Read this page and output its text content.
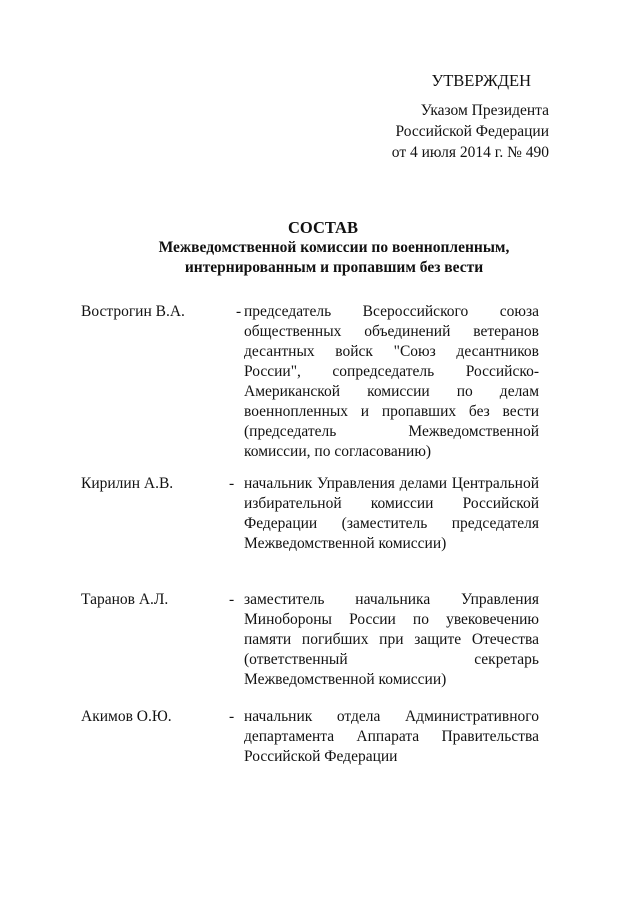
УТВЕРЖДЕН
Указом Президента
Российской Федерации
от 4 июля 2014 г. № 490
СОСТАВ
Межведомственной комиссии по военнопленным,
интернированным и пропавшим без вести
Вострогин В.А.	- председатель Всероссийского союза общественных объединений ветеранов десантных войск "Союз десантников России", сопредседатель Российско-Американской комиссии по делам военнопленных и пропавших без вести (председатель Межведомственной комиссии, по согласованию)
Кирилин А.В.	- начальник Управления делами Центральной избирательной комиссии Российской Федерации (заместитель председателя Межведомственной комиссии)
Таранов А.Л.	- заместитель начальника Управления Минобороны России по увековечению памяти погибших при защите Отечества (ответственный секретарь Межведомственной комиссии)
Акимов О.Ю.	- начальник отдела Административного департамента Аппарата Правительства Российской Федерации
